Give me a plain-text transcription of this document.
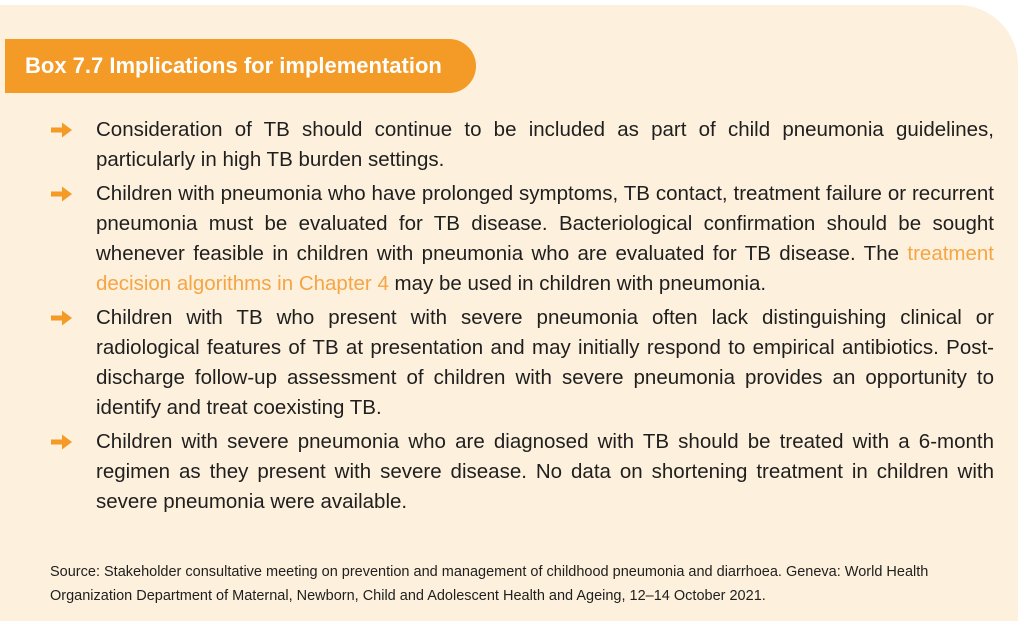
Box 7.7 Implications for implementation
Consideration of TB should continue to be included as part of child pneumonia guidelines, particularly in high TB burden settings.
Children with pneumonia who have prolonged symptoms, TB contact, treatment failure or recurrent pneumonia must be evaluated for TB disease. Bacteriological confirmation should be sought whenever feasible in children with pneumonia who are evaluated for TB disease. The treatment decision algorithms in Chapter 4 may be used in children with pneumonia.
Children with TB who present with severe pneumonia often lack distinguishing clinical or radiological features of TB at presentation and may initially respond to empirical antibiotics. Post-discharge follow-up assessment of children with severe pneumonia provides an opportunity to identify and treat coexisting TB.
Children with severe pneumonia who are diagnosed with TB should be treated with a 6-month regimen as they present with severe disease. No data on shortening treatment in children with severe pneumonia were available.
Source: Stakeholder consultative meeting on prevention and management of childhood pneumonia and diarrhoea. Geneva: World Health Organization Department of Maternal, Newborn, Child and Adolescent Health and Ageing, 12–14 October 2021.
